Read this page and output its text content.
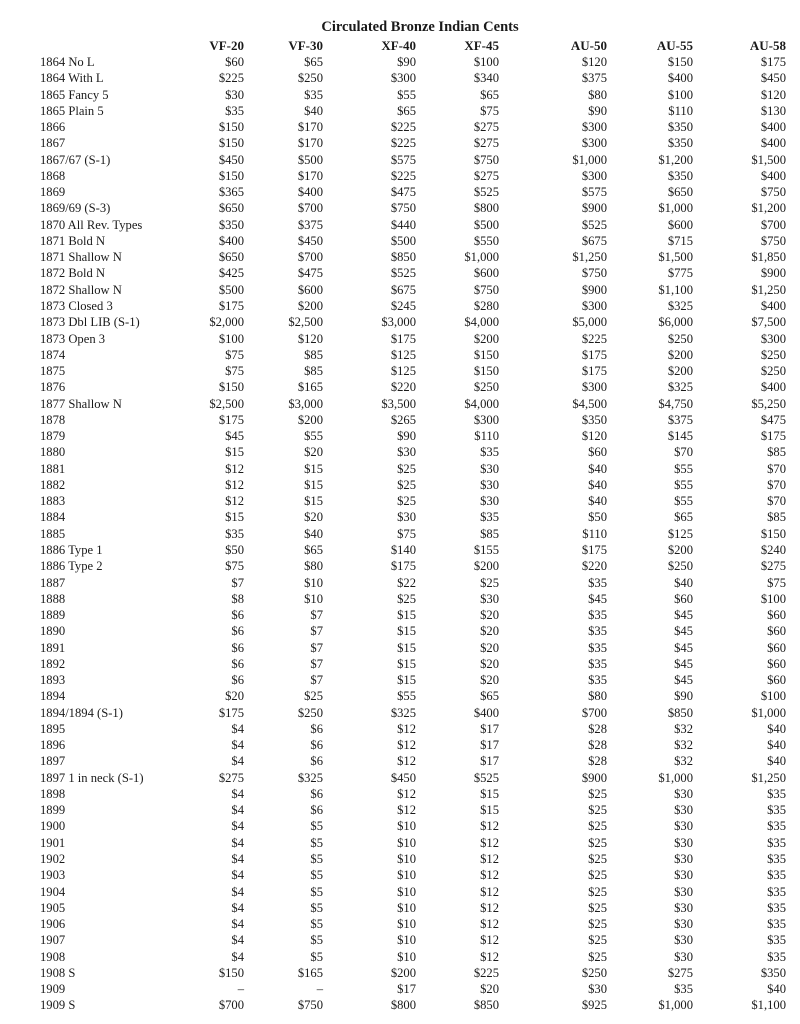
Circulated Bronze Indian Cents
	VF-20	VF-30	XF-40	XF-45	AU-50	AU-55	AU-58
1864 No L	$60	$65	$90	$100	$120	$150	$175
1864 With L	$225	$250	$300	$340	$375	$400	$450
1865 Fancy 5	$30	$35	$55	$65	$80	$100	$120
1865 Plain 5	$35	$40	$65	$75	$90	$110	$130
1866	$150	$170	$225	$275	$300	$350	$400
1867	$150	$170	$225	$275	$300	$350	$400
1867/67 (S-1)	$450	$500	$575	$750	$1,000	$1,200	$1,500
1868	$150	$170	$225	$275	$300	$350	$400
1869	$365	$400	$475	$525	$575	$650	$750
1869/69 (S-3)	$650	$700	$750	$800	$900	$1,000	$1,200
1870 All Rev. Types	$350	$375	$440	$500	$525	$600	$700
1871 Bold N	$400	$450	$500	$550	$675	$715	$750
1871 Shallow N	$650	$700	$850	$1,000	$1,250	$1,500	$1,850
1872 Bold N	$425	$475	$525	$600	$750	$775	$900
1872 Shallow N	$500	$600	$675	$750	$900	$1,100	$1,250
1873 Closed 3	$175	$200	$245	$280	$300	$325	$400
1873 Dbl LIB (S-1)	$2,000	$2,500	$3,000	$4,000	$5,000	$6,000	$7,500
1873 Open 3	$100	$120	$175	$200	$225	$250	$300
1874	$75	$85	$125	$150	$175	$200	$250
1875	$75	$85	$125	$150	$175	$200	$250
1876	$150	$165	$220	$250	$300	$325	$400
1877 Shallow N	$2,500	$3,000	$3,500	$4,000	$4,500	$4,750	$5,250
1878	$175	$200	$265	$300	$350	$375	$475
1879	$45	$55	$90	$110	$120	$145	$175
1880	$15	$20	$30	$35	$60	$70	$85
1881	$12	$15	$25	$30	$40	$55	$70
1882	$12	$15	$25	$30	$40	$55	$70
1883	$12	$15	$25	$30	$40	$55	$70
1884	$15	$20	$30	$35	$50	$65	$85
1885	$35	$40	$75	$85	$110	$125	$150
1886 Type 1	$50	$65	$140	$155	$175	$200	$240
1886 Type 2	$75	$80	$175	$200	$220	$250	$275
1887	$7	$10	$22	$25	$35	$40	$75
1888	$8	$10	$25	$30	$45	$60	$100
1889	$6	$7	$15	$20	$35	$45	$60
1890	$6	$7	$15	$20	$35	$45	$60
1891	$6	$7	$15	$20	$35	$45	$60
1892	$6	$7	$15	$20	$35	$45	$60
1893	$6	$7	$15	$20	$35	$45	$60
1894	$20	$25	$55	$65	$80	$90	$100
1894/1894 (S-1)	$175	$250	$325	$400	$700	$850	$1,000
1895	$4	$6	$12	$17	$28	$32	$40
1896	$4	$6	$12	$17	$28	$32	$40
1897	$4	$6	$12	$17	$28	$32	$40
1897 1 in neck (S-1)	$275	$325	$450	$525	$900	$1,000	$1,250
1898	$4	$6	$12	$15	$25	$30	$35
1899	$4	$6	$12	$15	$25	$30	$35
1900	$4	$5	$10	$12	$25	$30	$35
1901	$4	$5	$10	$12	$25	$30	$35
1902	$4	$5	$10	$12	$25	$30	$35
1903	$4	$5	$10	$12	$25	$30	$35
1904	$4	$5	$10	$12	$25	$30	$35
1905	$4	$5	$10	$12	$25	$30	$35
1906	$4	$5	$10	$12	$25	$30	$35
1907	$4	$5	$10	$12	$25	$30	$35
1908	$4	$5	$10	$12	$25	$30	$35
1908 S	$150	$165	$200	$225	$250	$275	$350
1909	–	–	$17	$20	$30	$35	$40
1909 S	$700	$750	$800	$850	$925	$1,000	$1,100
